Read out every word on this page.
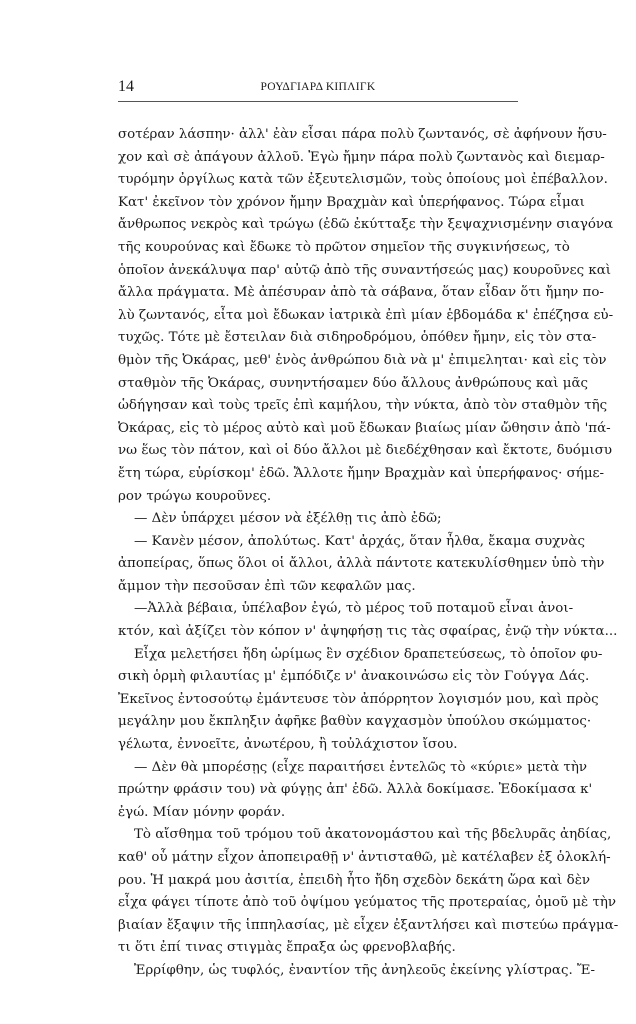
14	ΡΟΥΔΓΙΑΡΔ ΚΙΠΛΙΓΚ
σοτέραν λάσπην· ἀλλ' ἐὰν εἶσαι πάρα πολὺ ζωντανός, σὲ ἀφήνουν ἥσυ-
χον καὶ σὲ ἀπάγουν ἀλλοῦ. Ἐγὼ ἤμην πάρα πολὺ ζωντανὸς καὶ διεμαρ-
τυρόμην ὀργίλως κατὰ τῶν ἐξευτελισμῶν, τοὺς ὁποίους μοὶ ἐπέβαλλον.
Κατ' ἐκεῖνον τὸν χρόνον ἤμην Βραχμὰν καὶ ὑπερήφανος. Τώρα εἶμαι
ἄνθρωπος νεκρὸς καὶ τρώγω (ἐδῶ ἐκύτταξε τὴν ξεψαχνισμένην σιαγόνα
τῆς κουρούνας καὶ ἔδωκε τὸ πρῶτον σημεῖον τῆς συγκινήσεως, τὸ
ὁποῖον ἀνεκάλυψα παρ' αὐτῷ ἀπὸ τῆς συναντήσεώς μας) κουροῦνες καὶ
ἄλλα πράγματα. Μὲ ἀπέσυραν ἀπὸ τὰ σάβανα, ὅταν εἶδαν ὅτι ἤμην πο-
λὺ ζωντανός, εἶτα μοὶ ἔδωκαν ἰατρικὰ ἐπὶ μίαν ἑβδομάδα κ' ἐπέζησα εὐ-
τυχῶς. Τότε μὲ ἔστειλαν διὰ σιδηροδρόμου, ὁπόθεν ἤμην, εἰς τὸν στα-
θμὸν τῆς Ὀκάρας, μεθ' ἑνὸς ἀνθρώπου διὰ νὰ μ' ἐπιμεληται· καὶ εἰς τὸν
σταθμὸν τῆς Ὀκάρας, συνηντήσαμεν δύο ἄλλους ἀνθρώπους καὶ μᾶς
ὡδήγησαν καὶ τοὺς τρεῖς ἐπὶ καμήλου, τὴν νύκτα, ἀπὸ τὸν σταθμὸν τῆς
Ὀκάρας, εἰς τὸ μέρος αὐτὸ καὶ μοῦ ἔδωκαν βιαίως μίαν ὤθησιν ἀπὸ 'πά-
νω ἕως τὸν πάτον, καὶ οἱ δύο ἄλλοι μὲ διεδέχθησαν καὶ ἔκτοτε, δυόμισυ
ἔτη τώρα, εὑρίσκομ' ἐδῶ. Ἄλλοτε ἤμην Βραχμὰν καὶ ὑπερήφανος· σήμε-
ρον τρώγω κουροῦνες.
— Δὲν ὑπάρχει μέσον νὰ ἐξέλθῃ τις ἀπὸ ἐδῶ;
— Κανὲν μέσον, ἀπολύτως. Κατ' ἀρχάς, ὅταν ἦλθα, ἔκαμα συχνὰς
ἀποπείρας, ὅπως ὅλοι οἱ ἄλλοι, ἀλλὰ πάντοτε κατεκυλίσθημεν ὑπὸ τὴν
ἄμμον τὴν πεσοῦσαν ἐπὶ τῶν κεφαλῶν μας.
—Ἀλλὰ βέβαια, ὑπέλαβον ἐγώ, τὸ μέρος τοῦ ποταμοῦ εἶναι ἀνοι-
κτόν, καὶ ἀξίζει τὸν κόπον ν' ἀψηφήσῃ τις τὰς σφαίρας, ἐνῷ τὴν νύκτα...
Εἶχα μελετήσει ἤδη ὡρίμως ἓν σχέδιον δραπετεύσεως, τὸ ὁποῖον φυ-
σικὴ ὁρμὴ φιλαυτίας μ' ἐμπόδιζε ν' ἀνακοινώσω εἰς τὸν Γούγγα Δάς.
Ἐκεῖνος ἐντοσούτῳ ἐμάντευσε τὸν ἀπόρρητον λογισμόν μου, καὶ πρὸς
μεγάλην μου ἔκπληξιν ἀφῆκε βαθὺν καγχασμὸν ὑπούλου σκώμματος·
γέλωτα, ἐννοεῖτε, ἀνωτέρου, ἢ τοὐλάχιστον ἴσου.
— Δὲν θὰ μπορέσῃς (εἶχε παραιτήσει ἐντελῶς τὸ «κύριε» μετὰ τὴν
πρώτην φράσιν του) νὰ φύγῃς ἀπ' ἐδῶ. Ἀλλὰ δοκίμασε. Ἐδοκίμασα κ'
ἐγώ. Μίαν μόνην φοράν.
Τὸ αἴσθημα τοῦ τρόμου τοῦ ἀκατονομάστου καὶ τῆς βδελυρᾶς ἀηδίας,
καθ' οὗ μάτην εἶχον ἀποπειραθῇ ν' ἀντισταθῶ, μὲ κατέλαβεν ἐξ ὁλοκλή-
ρου. Ἡ μακρά μου ἀσιτία, ἐπειδὴ ἦτο ἤδη σχεδὸν δεκάτη ὥρα καὶ δὲν
εἶχα φάγει τίποτε ἀπὸ τοῦ ὀψίμου γεύματος τῆς προτεραίας, ὁμοῦ μὲ τὴν
βιαίαν ἔξαψιν τῆς ἱππηλασίας, μὲ εἶχεν ἐξαντλήσει καὶ πιστεύω πράγμα-
τι ὅτι ἐπί τινας στιγμὰς ἔπραξα ὡς φρενοβλαβής.
Ἐρρίφθην, ὡς τυφλός, ἐναντίον τῆς ἀνηλεοῦς ἐκείνης γλίστρας. Ἔ-
